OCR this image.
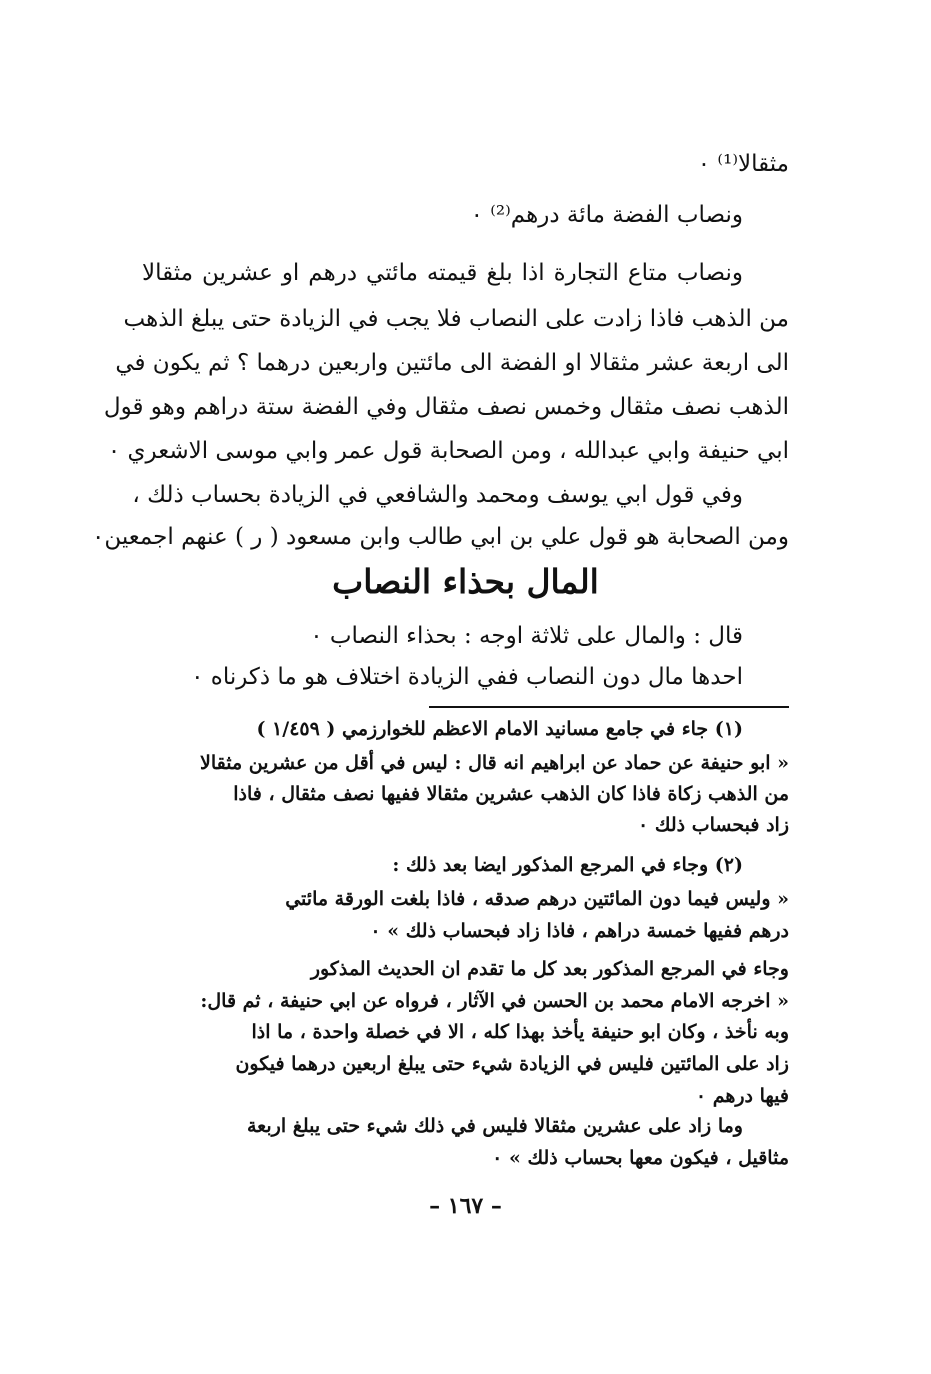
مثقالا⁽¹⁾ ٠
ونصاب الفضة مائة درهم⁽²⁾ ٠
ونصاب متاع التجارة اذا بلغ قيمته مائتي درهم او عشرين مثقالا
من الذهب فاذا زادت على النصاب فلا يجب في الزيادة حتى يبلغ الذهب
الى اربعة عشر مثقالا او الفضة الى مائتين واربعين درهما ؟ ثم يكون في
الذهب نصف مثقال وخمس نصف مثقال وفي الفضة ستة دراهم وهو قول
ابي حنيفة وابي عبدالله ، ومن الصحابة قول عمر وابي موسى الاشعري ٠
وفي قول ابي يوسف ومحمد والشافعي في الزيادة بحساب ذلك ،
ومن الصحابة هو قول علي بن ابي طالب وابن مسعود ( ر ) عنهم اجمعين٠
المال بحذاء النصاب
قال : والمال على ثلاثة اوجه : بحذاء النصاب ٠
احدها مال دون النصاب ففي الزيادة اختلاف هو ما ذكرناه ٠
(١) جاء في جامع مسانيد الامام الاعظم للخوارزمي ( ١/٤٥٩ )
« ابو حنيفة عن حماد عن ابراهيم انه قال : ليس في أقل من عشرين مثقالا
من الذهب زكاة فاذا كان الذهب عشرين مثقالا ففيها نصف مثقال ، فاذا
زاد فبحساب ذلك ٠
(٢) وجاء في المرجع المذكور ايضا بعد ذلك :
« وليس فيما دون المائتين درهم صدقه ، فاذا بلغت الورقة مائتي
درهم ففيها خمسة دراهم ، فاذا زاد فبحساب ذلك » ٠
وجاء في المرجع المذكور بعد كل ما تقدم ان الحديث المذكور
« اخرجه الامام محمد بن الحسن في الآثار ، فرواه عن ابي حنيفة ، ثم قال:
وبه نأخذ ، وكان ابو حنيفة يأخذ بهذا كله ، الا في خصلة واحدة ، ما اذا
زاد على المائتين فليس في الزيادة شيء حتى يبلغ اربعين درهما فيكون
فيها درهم ٠
وما زاد على عشرين مثقالا فليس في ذلك شيء حتى يبلغ اربعة
مثاقيل ، فيكون معها بحساب ذلك » ٠
– ١٦٧ –
